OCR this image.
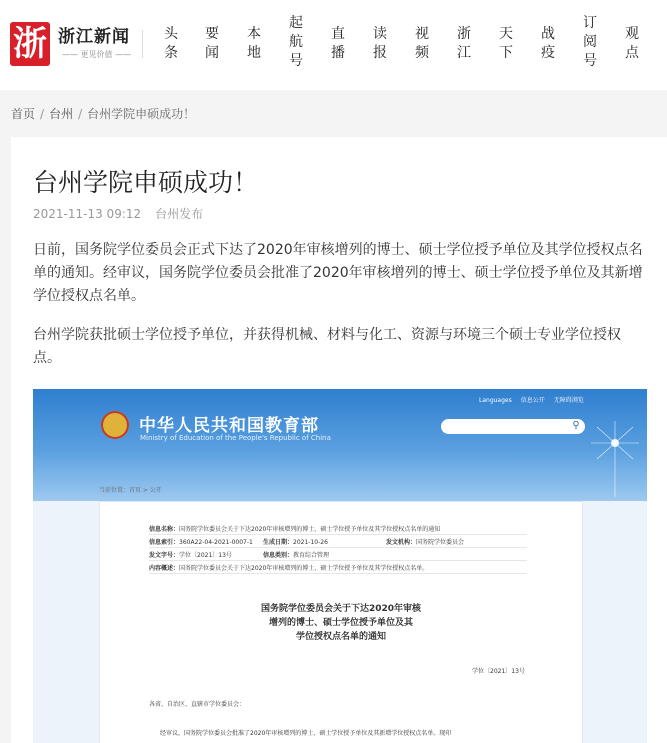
浙 浙江新闻
—— 更见价值 ——
头
条
要
闻
本
地
起
航
号
直
播
读
报
视
频
浙
江
天
下
战
疫
订
阅
号
观
点
首页 / 台州 / 台州学院申硕成功！
台州学院申硕成功！
2021-11-13 09:12 台州发布
日前，国务院学位委员会正式下达了2020年审核增列的博士、硕士学位授予单位及其学位授权点名单的通知。经审议，国务院学位委员会批准了2020年审核增列的博士、硕士学位授予单位及其新增学位授权点名单。
台州学院获批硕士学位授予单位，并获得机械、材料与化工、资源与环境三个硕士专业学位授权点。
中华人民共和国教育部
Ministry of Education of the People's Republic of China
Languages 信息公开 无障碍浏览
⚲
当前位置：首页 > 公开
信息名称：国务院学位委员会关于下达2020年审核增列的博士、硕士学位授予单位及其学位授权点名单的通知
信息索引：360A22-04-2021-0007-1 生成日期：2021-10-26	发文机构：国务院学位委员会
发文字号：学位〔2021〕13号	信息类别：教育综合管理
内容概述：国务院学位委员会关于下达2020年审核增列的博士、硕士学位授予单位及其学位授权点名单。
国务院学位委员会关于下达2020年审核
增列的博士、硕士学位授予单位及其
学位授权点名单的通知
学位〔2021〕13号
各省、自治区、直辖市学位委员会：
经审议，国务院学位委员会批准了2020年审核增列的博士、硕士学位授予单位及其新增学位授权点名单。现印
